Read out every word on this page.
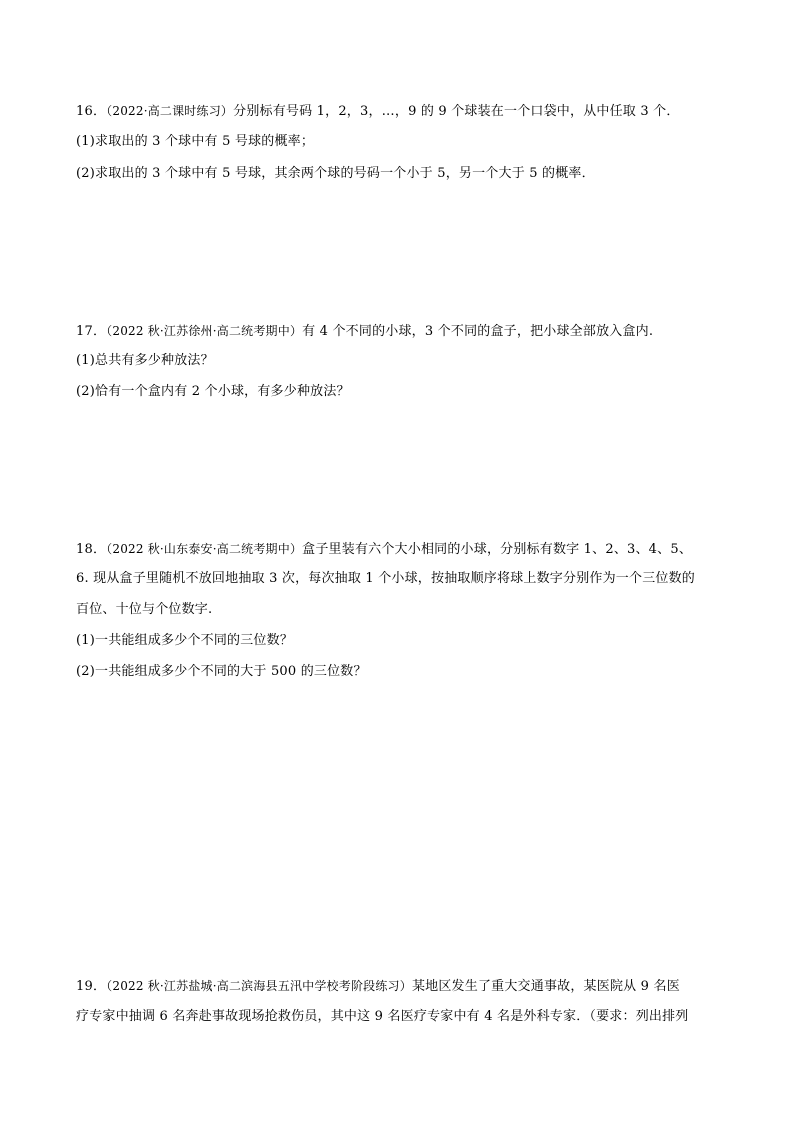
16．（2022·高二课时练习）分别标有号码 1，2，3，…，9 的 9 个球装在一个口袋中，从中任取 3 个．
(1)求取出的 3 个球中有 5 号球的概率；
(2)求取出的 3 个球中有 5 号球，其余两个球的号码一个小于 5，另一个大于 5 的概率．
17．（2022 秋·江苏徐州·高二统考期中）有 4 个不同的小球，3 个不同的盒子，把小球全部放入盒内.
(1)总共有多少种放法？
(2)恰有一个盒内有 2 个小球，有多少种放法？
18．（2022 秋·山东泰安·高二统考期中）盒子里装有六个大小相同的小球，分别标有数字 1、2、3、4、5、
6. 现从盒子里随机不放回地抽取 3 次，每次抽取 1 个小球，按抽取顺序将球上数字分别作为一个三位数的
百位、十位与个位数字.
(1)一共能组成多少个不同的三位数？
(2)一共能组成多少个不同的大于 500 的三位数？
19．（2022 秋·江苏盐城·高二滨海县五汛中学校考阶段练习）某地区发生了重大交通事故，某医院从 9 名医
疗专家中抽调 6 名奔赴事故现场抢救伤员，其中这 9 名医疗专家中有 4 名是外科专家．（要求：列出排列
